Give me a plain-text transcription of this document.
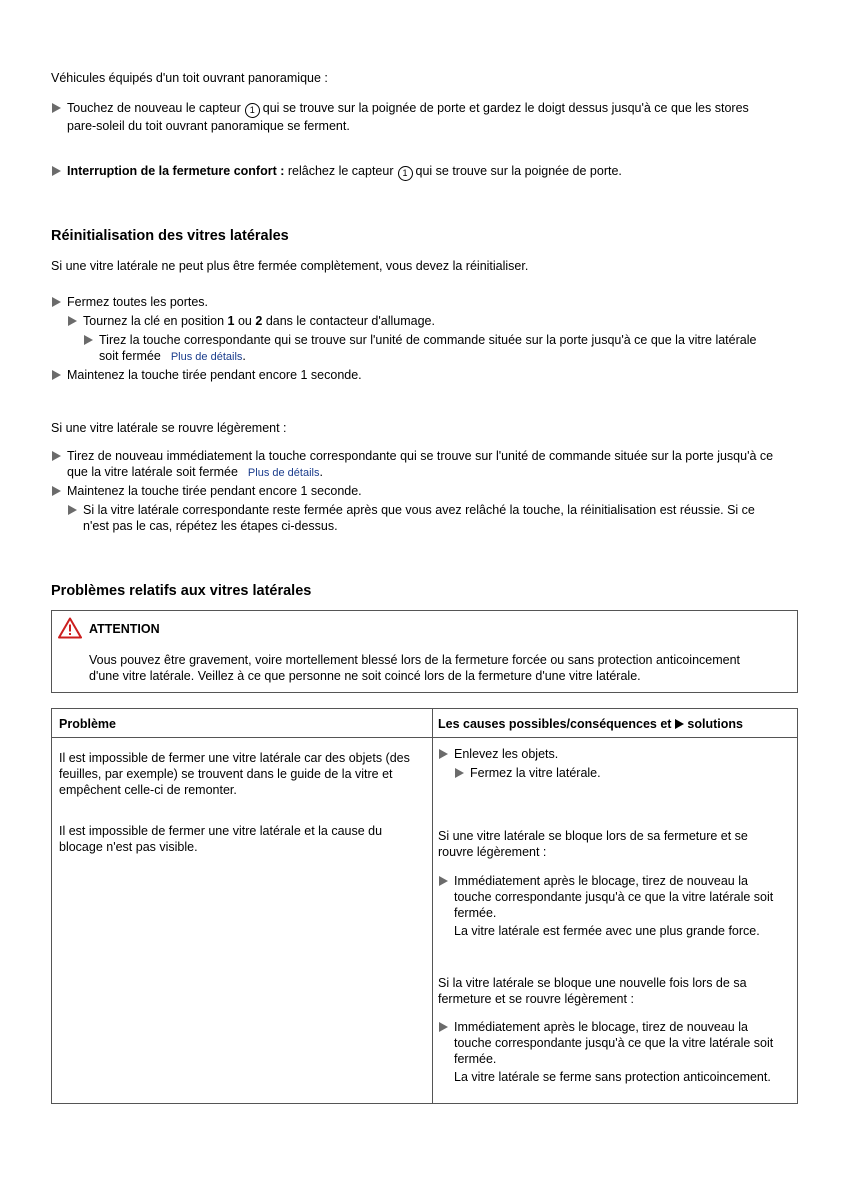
Véhicules équipés d'un toit ouvrant panoramique :
Touchez de nouveau le capteur 1 qui se trouve sur la poignée de porte et gardez le doigt dessus jusqu'à ce que les stores
pare-soleil du toit ouvrant panoramique se ferment.
Interruption de la fermeture confort : relâchez le capteur 1 qui se trouve sur la poignée de porte.
Réinitialisation des vitres latérales
Si une vitre latérale ne peut plus être fermée complètement, vous devez la réinitialiser.
Fermez toutes les portes.
Tournez la clé en position 1 ou 2 dans le contacteur d'allumage.
Tirez la touche correspondante qui se trouve sur l'unité de commande située sur la porte jusqu'à ce que la vitre latérale
soit fermée Plus de détails.
Maintenez la touche tirée pendant encore 1 seconde.
Si une vitre latérale se rouvre légèrement :
Tirez de nouveau immédiatement la touche correspondante qui se trouve sur l'unité de commande située sur la porte jusqu'à ce
que la vitre latérale soit fermée Plus de détails.
Maintenez la touche tirée pendant encore 1 seconde.
Si la vitre latérale correspondante reste fermée après que vous avez relâché la touche, la réinitialisation est réussie. Si ce
n'est pas le cas, répétez les étapes ci-dessus.
Problèmes relatifs aux vitres latérales
ATTENTION
Vous pouvez être gravement, voire mortellement blessé lors de la fermeture forcée ou sans protection anticoincement
d'une vitre latérale. Veillez à ce que personne ne soit coincé lors de la fermeture d'une vitre latérale.
Problème	Les causes possibles/conséquences et solutions
Il est impossible de fermer une vitre latérale car des objets (des
feuilles, par exemple) se trouvent dans le guide de la vitre et
empêchent celle-ci de remonter.
Enlevez les objets.
Fermez la vitre latérale.
Il est impossible de fermer une vitre latérale et la cause du
blocage n'est pas visible.
Si une vitre latérale se bloque lors de sa fermeture et se
rouvre légèrement :
Immédiatement après le blocage, tirez de nouveau la
touche correspondante jusqu'à ce que la vitre latérale soit
fermée.
La vitre latérale est fermée avec une plus grande force.
Si la vitre latérale se bloque une nouvelle fois lors de sa
fermeture et se rouvre légèrement :
Immédiatement après le blocage, tirez de nouveau la
touche correspondante jusqu'à ce que la vitre latérale soit
fermée.
La vitre latérale se ferme sans protection anticoincement.
